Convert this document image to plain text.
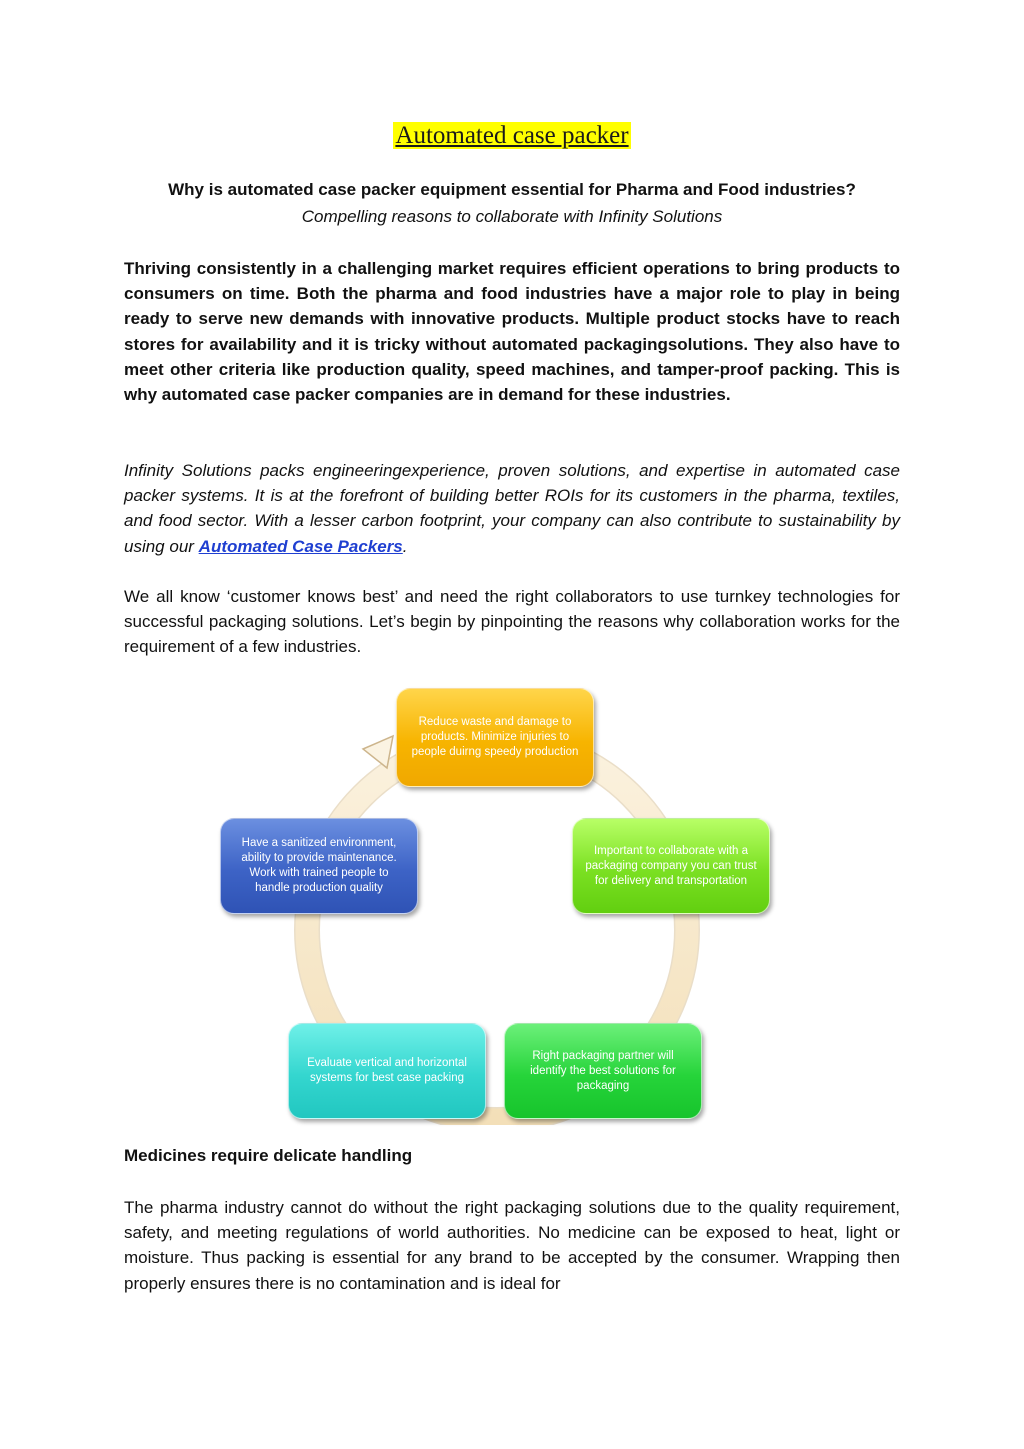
Automated case packer
Why is automated case packer equipment essential for Pharma and Food industries?
Compelling reasons to collaborate with Infinity Solutions

Thriving consistently in a challenging market requires efficient operations to bring products to consumers on time. Both the pharma and food industries have a major role to play in being ready to serve new demands with innovative products. Multiple product stocks have to reach stores for availability and it is tricky without automated packagingsolutions. They also have to meet other criteria like production quality, speed machines, and tamper-proof packing. This is why automated case packer companies are in demand for these industries.

Infinity Solutions packs engineeringexperience, proven solutions, and expertise in automated case packer systems. It is at the forefront of building better ROIs for its customers in the pharma, textiles, and food sector. With a lesser carbon footprint, your company can also contribute to sustainability by using our Automated Case Packers.

We all know ‘customer knows best’ and need the right collaborators to use turnkey technologies for successful packaging solutions. Let’s begin by pinpointing the reasons why collaboration works for the requirement of a few industries.

Reduce waste and damage to products. Minimize injuries to people duirng speedy production
Important to collaborate with a packaging company you can trust for delivery and transportation
Right packaging partner will identify the best solutions for packaging
Evaluate vertical and horizontal systems for best case packing
Have a sanitized environment, ability to provide maintenance. Work with trained people to handle production quality

Medicines require delicate handling

The pharma industry cannot do without the right packaging solutions due to the quality requirement, safety, and meeting regulations of world authorities. No medicine can be exposed to heat, light or moisture. Thus packing is essential for any brand to be accepted by the consumer. Wrapping then properly ensures there is no contamination and is ideal for
